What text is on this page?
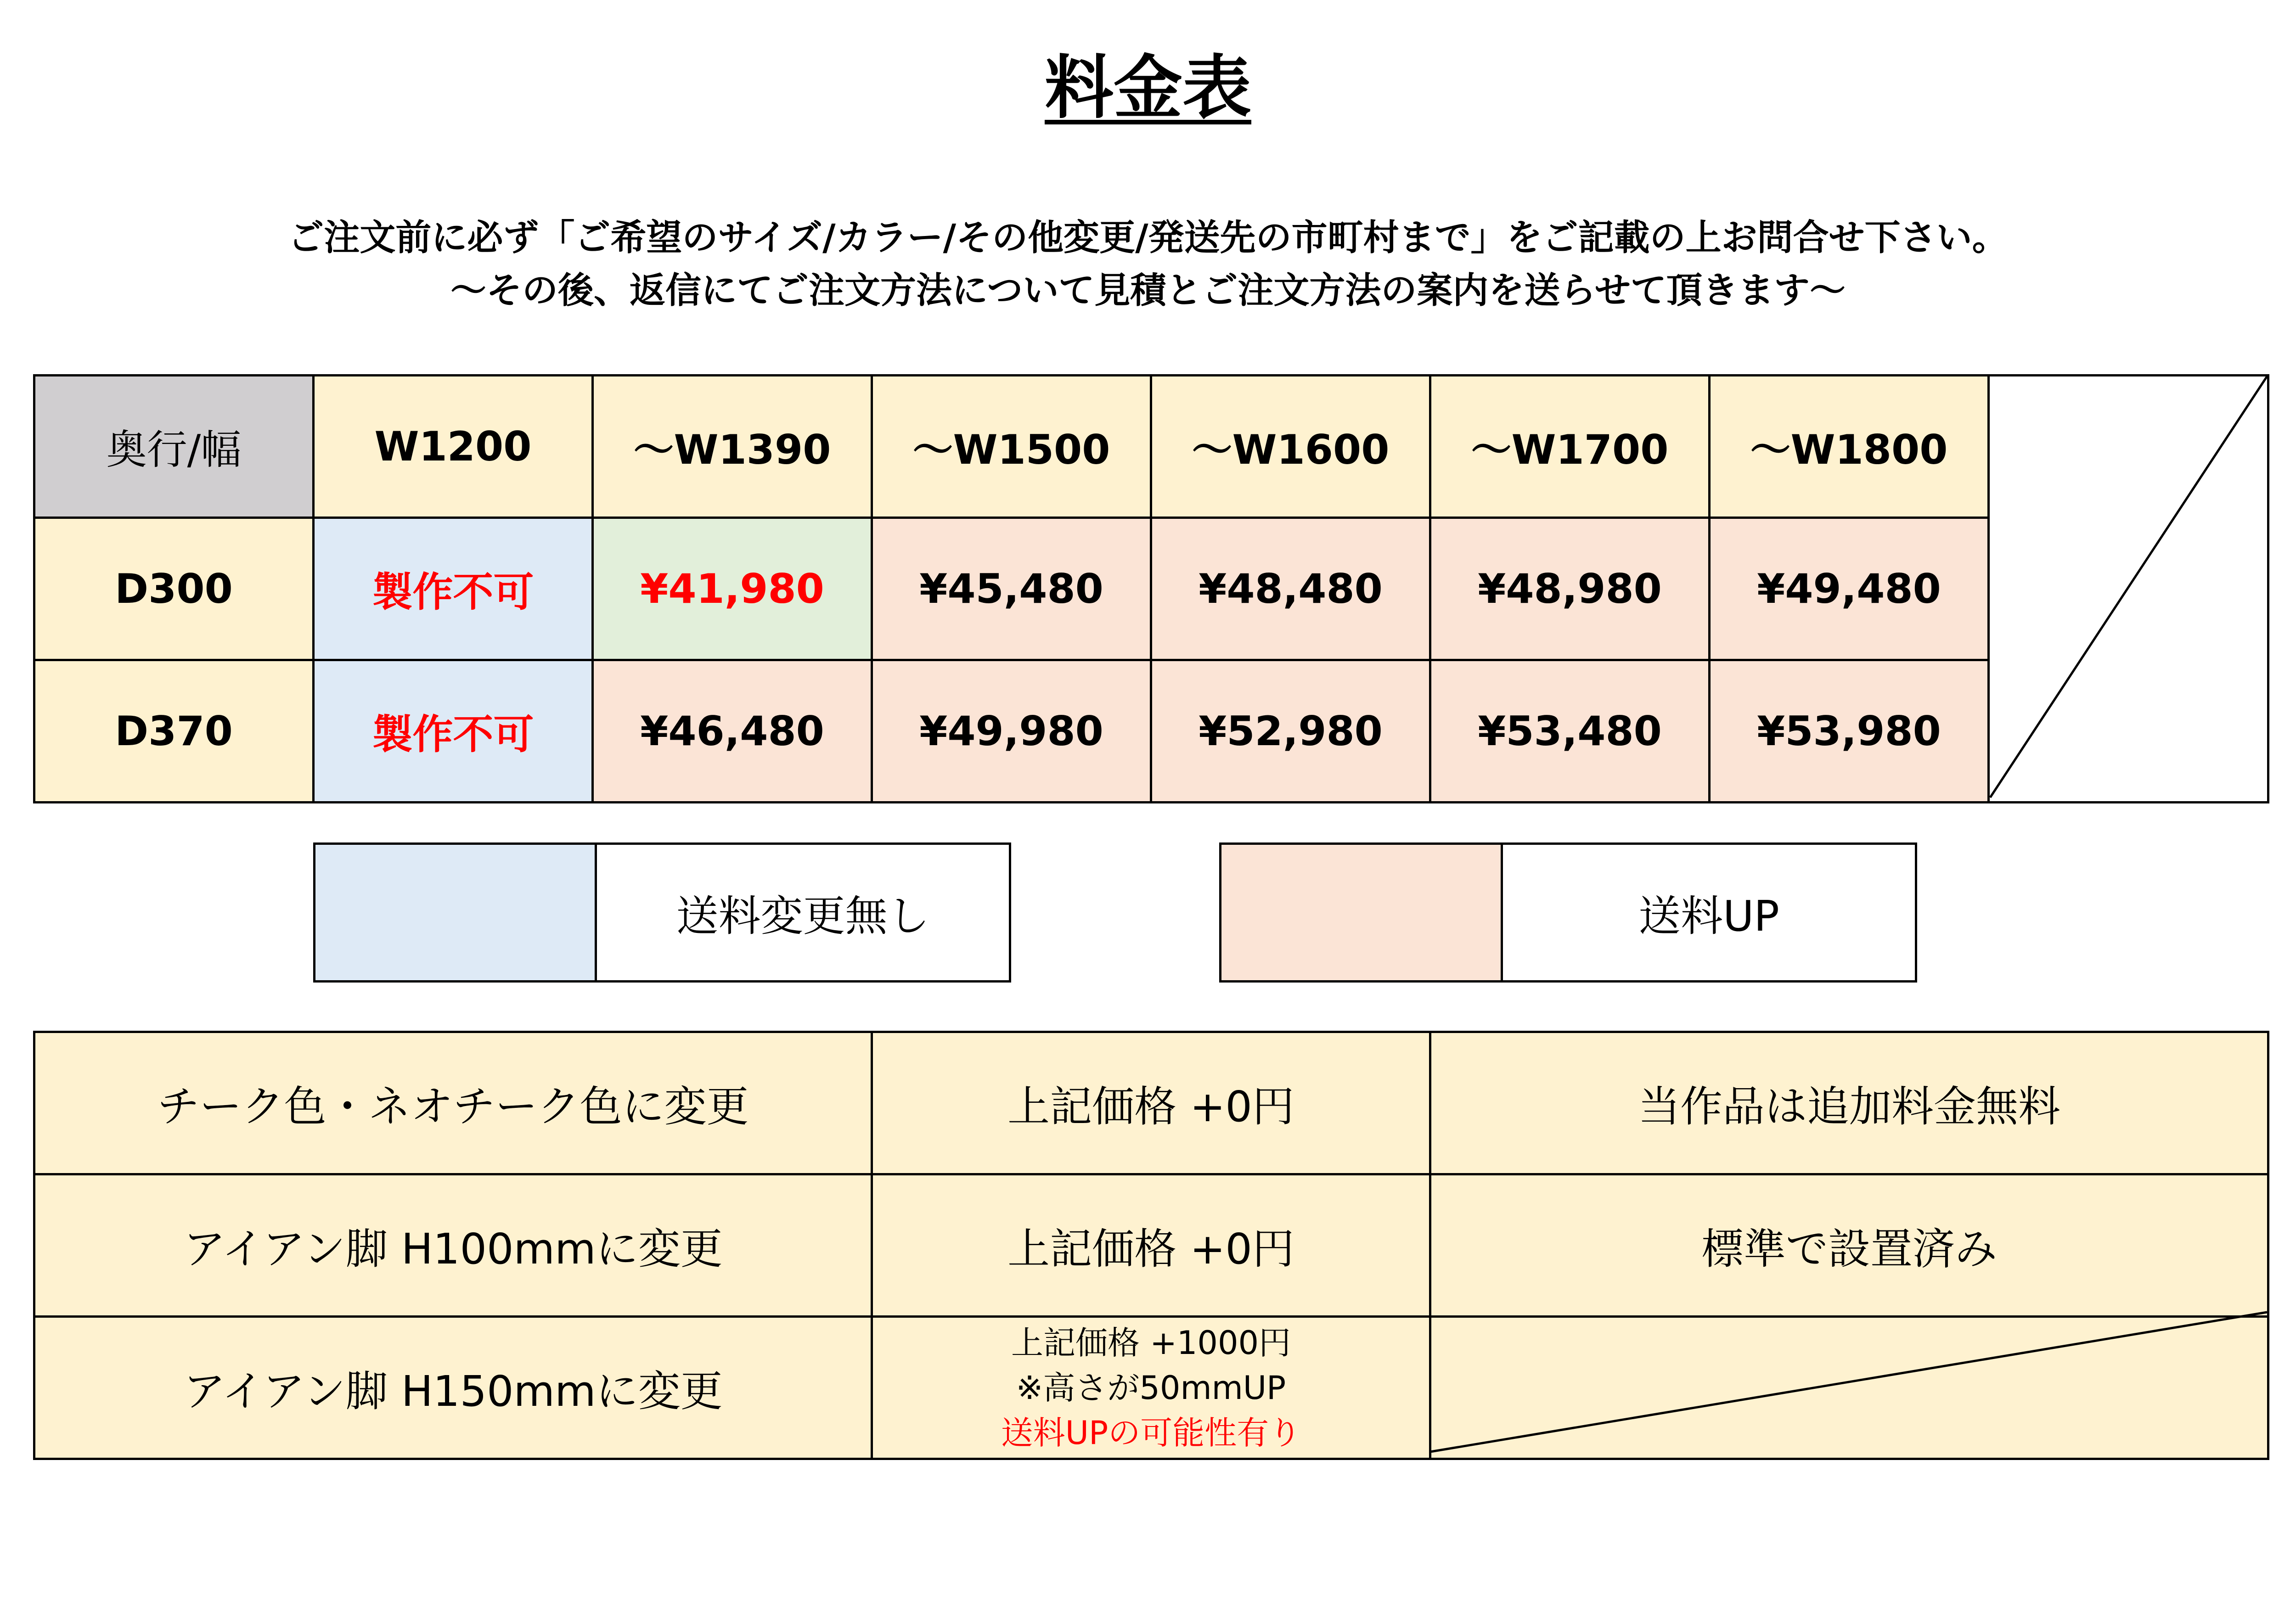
料金表
ご注文前に必ず「ご希望のサイズ/カラー/その他変更/発送先の市町村まで」をご記載の上お問合せ下さい。
～その後、返信にてご注文方法について見積とご注文方法の案内を送らせて頂きます～
奥行/幅	W1200	～W1390	～W1500	～W1600	～W1700	～W1800	
D300	製作不可	¥41,980	¥45,480	¥48,480	¥48,980	¥49,480	
D370	製作不可	¥46,480	¥49,980	¥52,980	¥53,480	¥53,980	
送料変更無し	送料UP
チーク色・ネオチーク色に変更	上記価格 +0円	当作品は追加料金無料
アイアン脚 H100mmに変更	上記価格 +0円	標準で設置済み
アイアン脚 H150mmに変更	上記価格 +1000円
※高さが50mmUP
送料UPの可能性有り	
